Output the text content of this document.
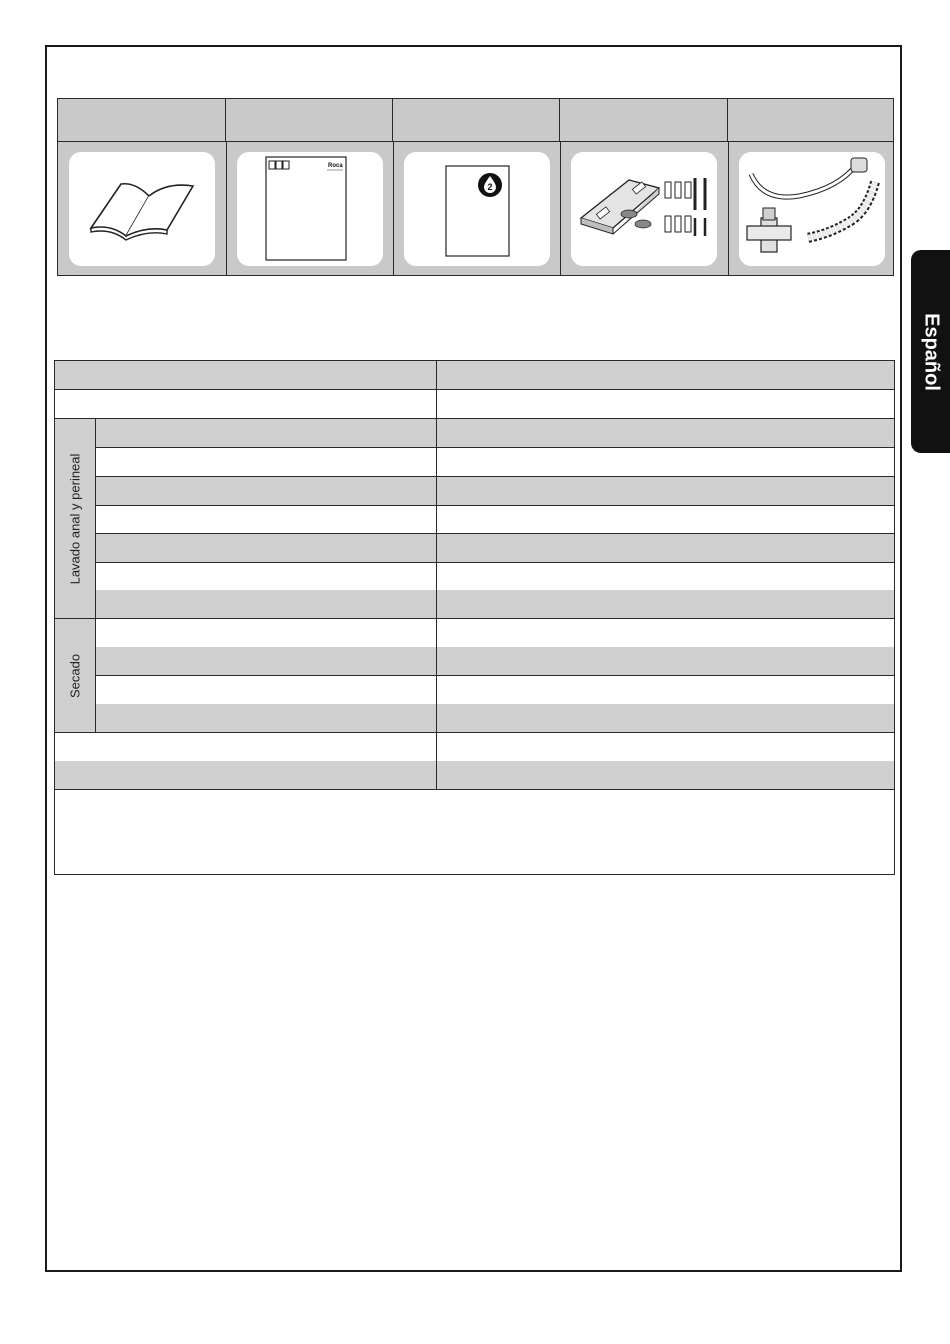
Español
Roca
2
Lavado anal y perineal
Secado
